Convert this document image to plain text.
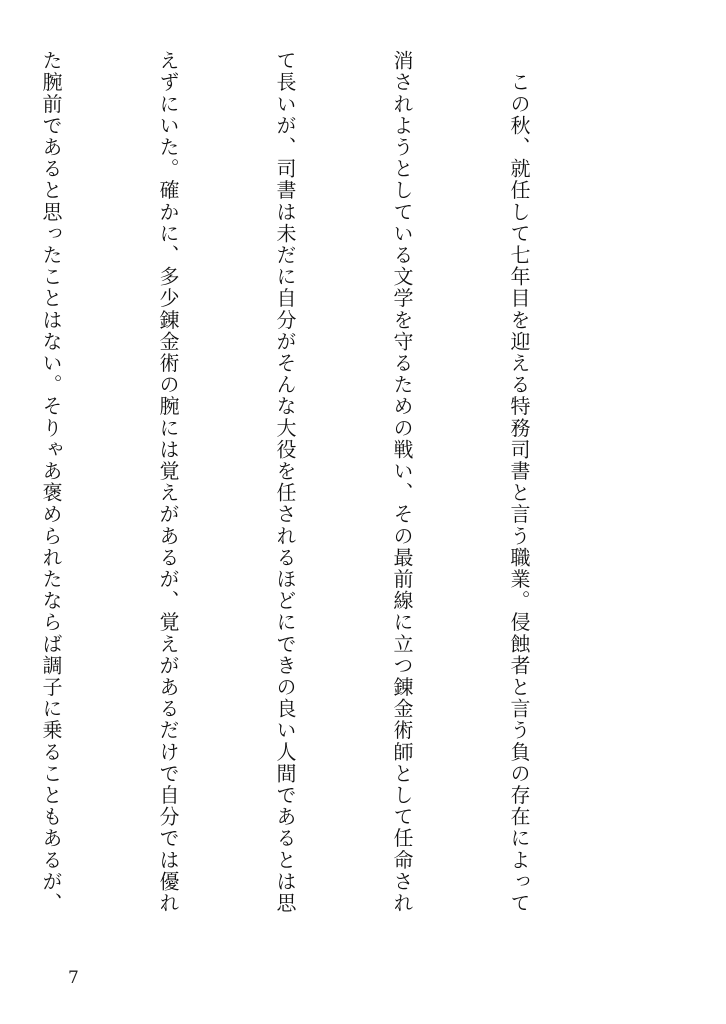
　この秋、就任して七年目を迎える特務司書と言う職業。侵蝕者と言う負の存在によって

消されようとしている文学を守るための戦い、その最前線に立つ錬金術師として任命され

て長いが、司書は未だに自分がそんな大役を任されるほどにできの良い人間であるとは思

えずにいた。確かに、多少錬金術の腕には覚えがあるが、覚えがあるだけで自分では優れ

た腕前であると思ったことはない。そりゃあ褒められたならば調子に乗ることもあるが、

7
